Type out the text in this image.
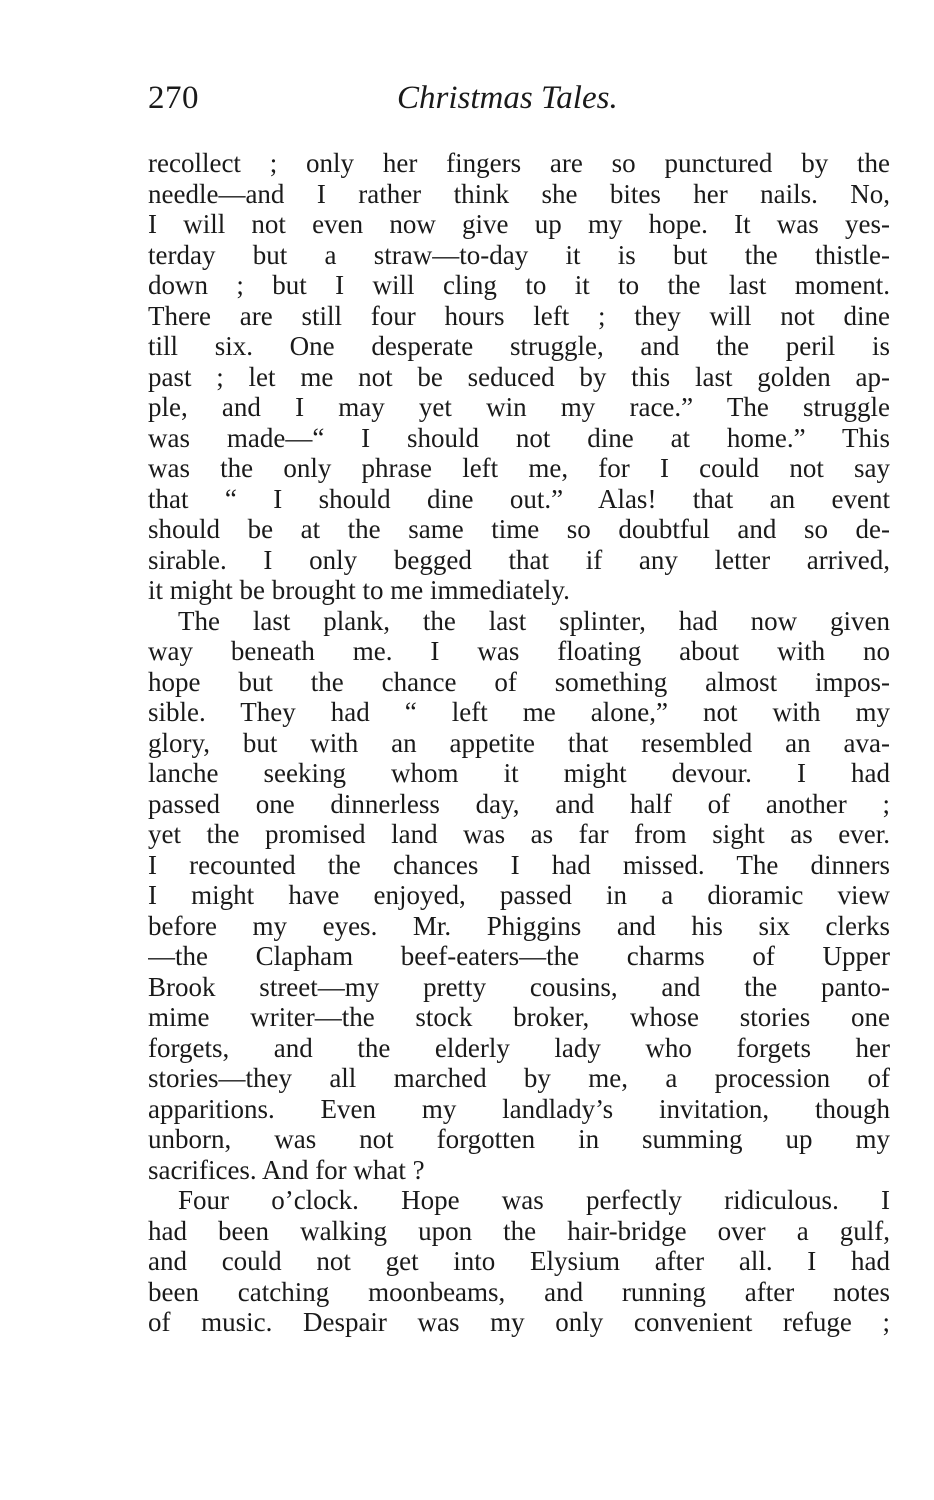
270	Christmas Tales.
recollect ; only her fingers are so punctured by the
needle—and I rather think she bites her nails. No,
I will not even now give up my hope. It was yes-
terday but a straw—to-day it is but the thistle-
down ; but I will cling to it to the last moment.
There are still four hours left ; they will not dine
till six. One desperate struggle, and the peril is
past ; let me not be seduced by this last golden ap-
ple, and I may yet win my race.” The struggle
was made—“ I should not dine at home.” This
was the only phrase left me, for I could not say
that “ I should dine out.” Alas! that an event
should be at the same time so doubtful and so de-
sirable. I only begged that if any letter arrived,
it might be brought to me immediately.
The last plank, the last splinter, had now given
way beneath me. I was floating about with no
hope but the chance of something almost impos-
sible. They had “ left me alone,” not with my
glory, but with an appetite that resembled an ava-
lanche seeking whom it might devour. I had
passed one dinnerless day, and half of another ;
yet the promised land was as far from sight as ever.
I recounted the chances I had missed. The dinners
I might have enjoyed, passed in a dioramic view
before my eyes. Mr. Phiggins and his six clerks
—the Clapham beef-eaters—the charms of Upper
Brook street—my pretty cousins, and the panto-
mime writer—the stock broker, whose stories one
forgets, and the elderly lady who forgets her
stories—they all marched by me, a procession of
apparitions. Even my landlady’s invitation, though
unborn, was not forgotten in summing up my
sacrifices. And for what ?
Four o’clock. Hope was perfectly ridiculous. I
had been walking upon the hair-bridge over a gulf,
and could not get into Elysium after all. I had
been catching moonbeams, and running after notes
of music. Despair was my only convenient refuge ;
